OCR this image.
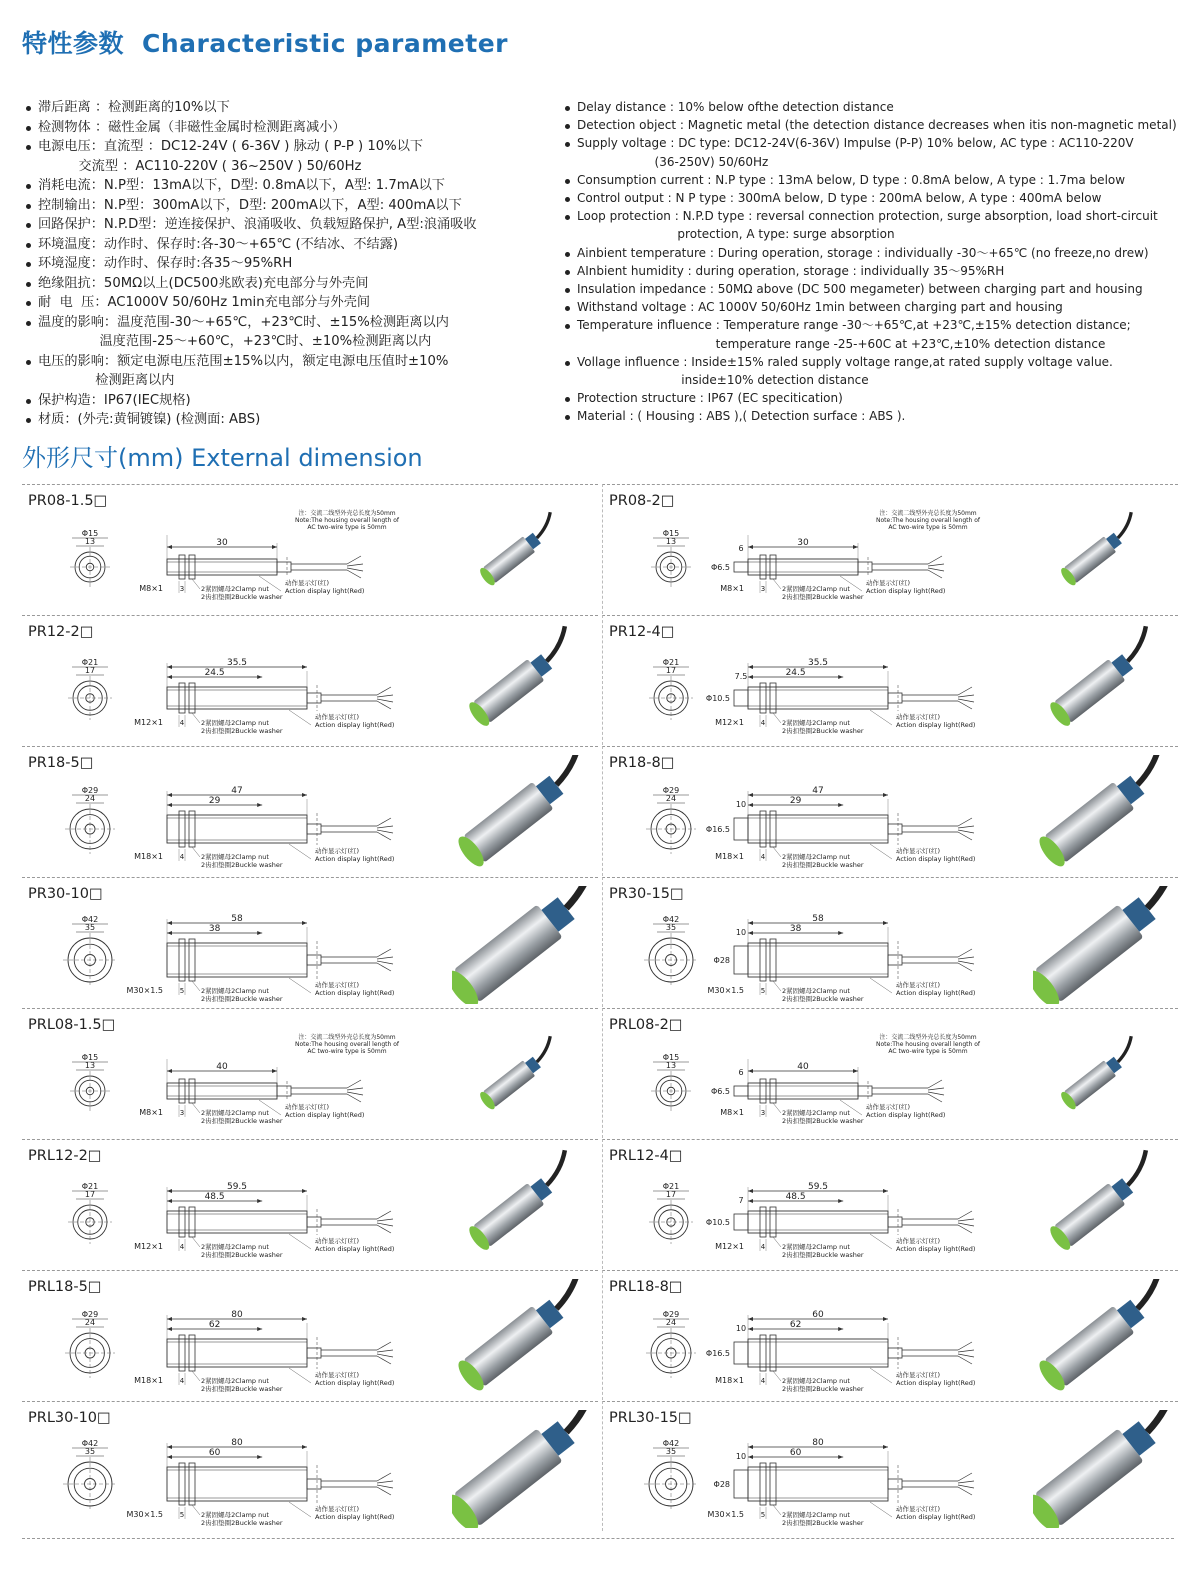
特性参数 Characteristic parameter
滞后距离 ：检测距离的10%以下
检测物体 ：磁性金属（非磁性金属时检测距离减小）
电源电压：直流型 ：DC12-24V ( 6-36V ) 脉动 ( P-P ) 10%以下
交流型 ：AC110-220V ( 36~250V ) 50/60Hz
消耗电流：N.P型：13mA以下，D型: 0.8mA以下，A型: 1.7mA以下
控制输出：N.P型：300mA以下，D型: 200mA以下，A型: 400mA以下
回路保护：N.P.D型：逆连接保护、浪涌吸收、负载短路保护, A型:浪涌吸收
环境温度：动作时、保存时:各-30～+65℃ (不结冰、不结露)
环境湿度：动作时、保存时:各35～95%RH
绝缘阻抗：50MΩ以上(DC500兆欧表)充电部分与外壳间
耐  电  压：AC1000V 50/60Hz 1min充电部分与外壳间
温度的影响：温度范围-30～+65℃，+23℃时、±15%检测距离以内
温度范围-25～+60℃，+23℃时、±10%检测距离以内
电压的影响：额定电源电压范围±15%以内，额定电源电压值时±10%
检测距离以内
保护构造：IP67(IEC规格)
材质：(外壳:黄铜镀镍) (检测面: ABS)
Delay distance : 10% below ofthe detection distance
Detection object : Magnetic metal (the detection distance decreases when itis non-magnetic metal)
Supply voltage : DC type: DC12-24V(6-36V) Impulse (P-P) 10% below, AC type : AC110-220V
(36-250V) 50/60Hz
Consumption current : N.P type : 13mA below, D type : 0.8mA below, A type : 1.7ma below
Control output : N P type : 300mA below, D type : 200mA below, A type : 400mA below
Loop protection : N.P.D type : reversal connection protection, surge absorption, load short-circuit
protection, A type: surge absorption
Ainbient temperature : During operation, storage : individually -30～+65℃ (no freeze,no drew)
AInbient humidity : during operation, storage : individually 35～95%RH
Insulation impedance : 50MΩ above (DC 500 megameter) between charging part and housing
Withstand voltage : AC 1000V 50/60Hz 1min between charging part and housing
Temperature influence : Temperature range -30～+65℃,at +23℃,±15% detection distance;
temperature range -25-+60C at +23℃,±10% detection distance
Vollage influence : Inside±15% raled supply voltage range,at rated supply voltage value.
inside±10% detection distance
Protection structure : IP67 (EC specitication)
Material : ( Housing : ABS ),( Detection surface : ABS ).
外形尺寸(mm) External dimension
PR08-1.5□
Φ15
13	30
M8×1 3	2紧固螺母2Clamp nut
2齿扣垫圈2Buckle washer
动作显示灯(红)
Action display light(Red)
注：交流二线型外壳总长度为50mm
Note:The housing overall length of
AC two-wire type is 50mm
PR08-2□
Φ15
13
Φ6.5
6
30
M8×1 3	2紧固螺母2Clamp nut
2齿扣垫圈2Buckle washer
动作显示灯(红)
Action display light(Red)
注：交流二线型外壳总长度为50mm
Note:The housing overall length of
AC two-wire type is 50mm
PR12-2□
Φ21
17
35.5
24.5
M12×1 4	2紧固螺母2Clamp nut
2齿扣垫圈2Buckle washer
动作显示灯(红)
Action display light(Red)
PR12-4□
Φ21
17
Φ10.5
7.5
35.5
24.5
M12×1 4	2紧固螺母2Clamp nut
2齿扣垫圈2Buckle washer
动作显示灯(红)
Action display light(Red)
PR18-5□
Φ29
24
47
29
M18×1 4	2紧固螺母2Clamp nut
2齿扣垫圈2Buckle washer
动作显示灯(红)
Action display light(Red)
PR18-8□
Φ29
24
Φ16.5
10
47
29
M18×1 4	2紧固螺母2Clamp nut
2齿扣垫圈2Buckle washer
动作显示灯(红)
Action display light(Red)
PR30-10□
Φ42
35
58
38
M30×1.5 5	2紧固螺母2Clamp nut
2齿扣垫圈2Buckle washer
动作显示灯(红)
Action display light(Red)
PR30-15□
Φ42
35
Φ28
10
58
38
M30×1.5 5	2紧固螺母2Clamp nut
2齿扣垫圈2Buckle washer
动作显示灯(红)
Action display light(Red)
PRL08-1.5□
Φ15
13	40
M8×1 3	2紧固螺母2Clamp nut
2齿扣垫圈2Buckle washer
动作显示灯(红)
Action display light(Red)
注：交流二线型外壳总长度为50mm
Note:The housing overall length of
AC two-wire type is 50mm
PRL08-2□
Φ15
13
Φ6.5
6
40
M8×1 3	2紧固螺母2Clamp nut
2齿扣垫圈2Buckle washer
动作显示灯(红)
Action display light(Red)
注：交流二线型外壳总长度为50mm
Note:The housing overall length of
AC two-wire type is 50mm
PRL12-2□
Φ21
17
59.5
48.5
M12×1 4	2紧固螺母2Clamp nut
2齿扣垫圈2Buckle washer
动作显示灯(红)
Action display light(Red)
PRL12-4□
Φ21
17
Φ10.5
7
59.5
48.5
M12×1 4	2紧固螺母2Clamp nut
2齿扣垫圈2Buckle washer
动作显示灯(红)
Action display light(Red)
PRL18-5□
Φ29
24
80
62
M18×1 4	2紧固螺母2Clamp nut
2齿扣垫圈2Buckle washer
动作显示灯(红)
Action display light(Red)
PRL18-8□
Φ29
24
Φ16.5
10
60
62
M18×1 4	2紧固螺母2Clamp nut
2齿扣垫圈2Buckle washer
动作显示灯(红)
Action display light(Red)
PRL30-10□
Φ42
35
80
60
M30×1.5 5	2紧固螺母2Clamp nut
2齿扣垫圈2Buckle washer
动作显示灯(红)
Action display light(Red)
PRL30-15□
Φ42
35
Φ28
10
80
60
M30×1.5 5	2紧固螺母2Clamp nut
2齿扣垫圈2Buckle washer
动作显示灯(红)
Action display light(Red)
